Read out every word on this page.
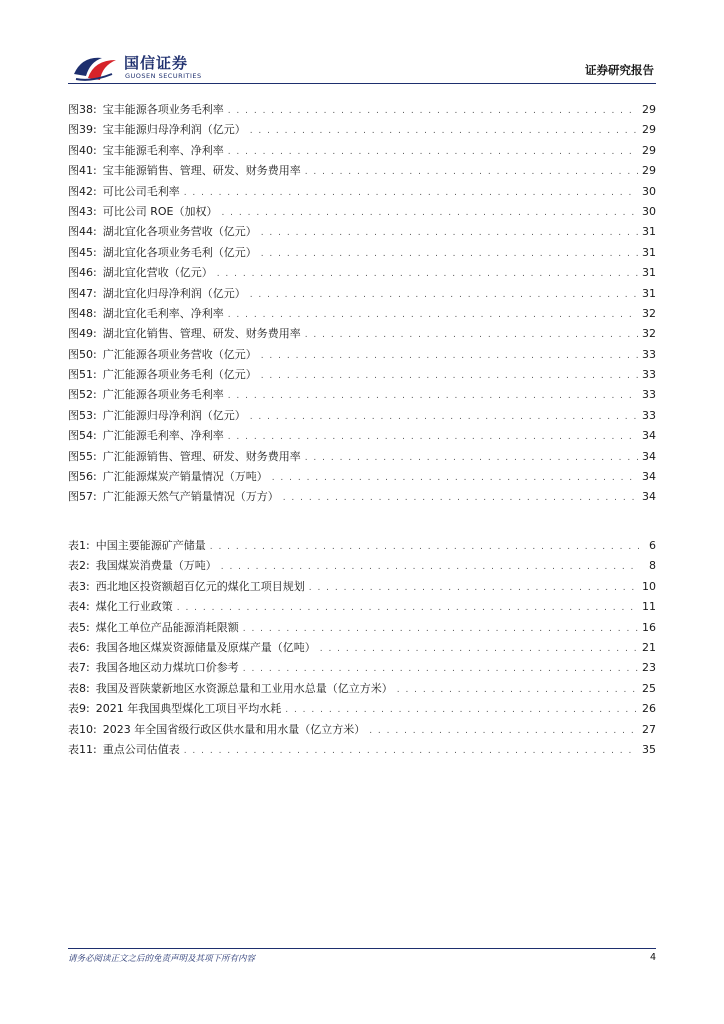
国信证券
GUOSEN SECURITIES	证券研究报告
图38: 宝丰能源各项业务毛利率 . . .	29
图39: 宝丰能源归母净利润（亿元） . . .	29
图40: 宝丰能源毛利率、净利率 . . .	29
图41: 宝丰能源销售、管理、研发、财务费用率 . . .	29
图42: 可比公司毛利率 . . .	30
图43: 可比公司 ROE（加权） . . .	30
图44: 湖北宜化各项业务营收（亿元） . . .	31
图45: 湖北宜化各项业务毛利（亿元） . . .	31
图46: 湖北宜化营收（亿元） . . .	31
图47: 湖北宜化归母净利润（亿元） . . .	31
图48: 湖北宜化毛利率、净利率 . . .	32
图49: 湖北宜化销售、管理、研发、财务费用率 . . .	32
图50: 广汇能源各项业务营收（亿元） . . .	33
图51: 广汇能源各项业务毛利（亿元） . . .	33
图52: 广汇能源各项业务毛利率 . . .	33
图53: 广汇能源归母净利润（亿元） . . .	33
图54: 广汇能源毛利率、净利率 . . .	34
图55: 广汇能源销售、管理、研发、财务费用率 . . .	34
图56: 广汇能源煤炭产销量情况（万吨） . . .	34
图57: 广汇能源天然气产销量情况（万方） . . .	34
表1: 中国主要能源矿产储量 . . .	6
表2: 我国煤炭消费量（万吨） . . .	8
表3: 西北地区投资额超百亿元的煤化工项目规划 . . .	10
表4: 煤化工行业政策 . . .	11
表5: 煤化工单位产品能源消耗限额 . . .	16
表6: 我国各地区煤炭资源储量及原煤产量（亿吨） . . .	21
表7: 我国各地区动力煤坑口价参考 . . .	23
表8: 我国及晋陕蒙新地区水资源总量和工业用水总量（亿立方米） . . .	25
表9: 2021 年我国典型煤化工项目平均水耗 . . .	26
表10: 2023 年全国省级行政区供水量和用水量（亿立方米） . . .	27
表11: 重点公司估值表 . . .	35
请务必阅读正文之后的免责声明及其项下所有内容	4
